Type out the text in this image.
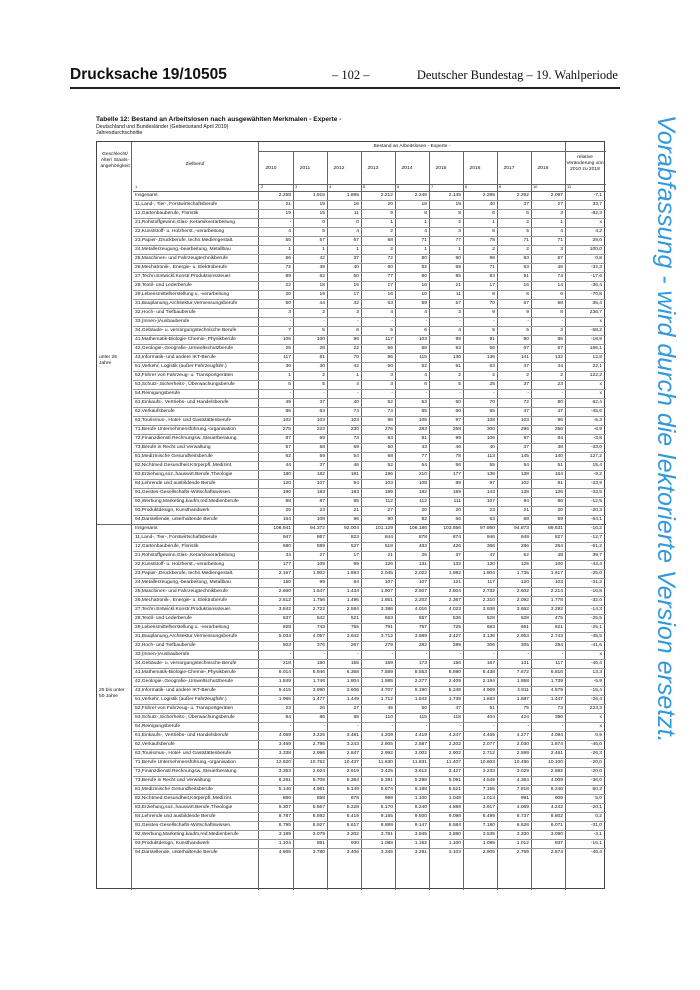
Drucksache 19/10505	– 102 –	Deutscher Bundestag – 19. Wahlperiode
Tabelle 12: Bestand an Arbeitslosen nach ausgewählten Merkmalen - Experte -
Deutschland und Bundesländer (Gebietsstand April 2019)
Jahresdurchschnitte	Vorabfassung - wird durch die lektorierte Version ersetzt.
Geschlecht/ Alter/ Staats- angehörigkeit	Zielberuf
Bestand an Arbeitslosen - Experte -
relative Veränderung von 2010 zu 2018
2010	2011	2012	2013	2014	2015	2016	2017	2018
1	2	3	4	5	6	7	8	9	10	11
unter 25 Jahre
Insgesamt	2.258	1.915	1.895	2.212	2.249	2.145	2.285	2.262	2.097	-7,1
11,Land-, Tier-, Forstwirtschaftsberufe	21	19	16	20	18	18	40	37	27	33,7
12,Gartenbauberufe, Floristik	19	15	11	9	8	8	6	6	3	-82,3
21,Rohstoffgewinn,Glas-,Keramikverarbeitung	-	0	0	1	1	2	1	2	1	x
22,Kunststoff- u. Holzherst.,-verarbeitung	4	5	4	2	4	3	6	5	4	4,2
23,Papier-,Druckberufe, techn.Mediengestalt.	55	57	67	68	71	77	78	71	71	29,0
24,Metallerzeugung,-bearbeitung, Metallbau	1	1	1	2	1	1	2	2	3	100,0
25,Maschinen- und Fahrzeugtechnikberufe	66	42	37	72	80	80	98	83	67	0,8
26,Mechatronik-, Energie- u. Elektroberufe	72	39	40	60	52	59	71	63	49	-32,3
27,Techn.Entwickl.Konstr.Produktionssteuer.	89	62	50	77	80	85	83	91	74	-17,6
28,Textil- und Lederberufe	22	18	16	17	16	21	17	16	14	-36,4
29,Lebensmittelherstellung u. -verarbeitung	20	19	17	16	10	11	8	6	6	-70,8
31,Bauplanung,Architektur,Vermessungsberufe	50	44	42	53	59	57	70	67	68	35,4
32,Hoch- und Tiefbauberufe	3	2	3	4	4	3	9	9	8	236,7
33,(Innen-)Ausbauberufe	-	-	-	-	-	-	-	-	-	x
34,Gebäude- u. versorgungstechnische Berufe	7	5	6	5	6	4	5	5	3	-58,2
41,Mathematik-Biologie-Chemie-,Physikberufe	106	100	96	117	103	98	91	90	86	-18,9
42,Geologie-,Geografie-,Umweltschutzberufe	25	28	22	56	68	53	56	67	67	166,1
43,Informatik- und andere IKT-Berufe	117	81	70	96	115	130	136	141	132	12,8
51,Verkehr, Logistik (außer Fahrzeugführ.)	36	30	42	50	52	51	63	47	44	22,1
52,Führer von Fahrzeug- u. Transportgeräten	1	2	1	3	4	2	2	2	2	122,2
53,Schutz-,Sicherheits-, Überwachungsberufe	5	5	4	3	6	5	25	37	23	x
54,Reinigungsberufe	-	-	-	-	-	-	-	-	-	x
61,Einkaufs-, Vertriebs- und Handelsberufe	49	37	40	52	53	60	70	72	80	62,4
62,Verkaufsberufe	86	63	74	74	65	60	55	47	47	-45,6
63,Tourismus-, Hotel- und Gaststättenberufe	102	103	103	98	105	97	108	103	96	-5,3
71,Berufe Unternehmensführung,-organisation	275	223	230	276	283	258	300	296	256	-6,9
72,Finanzdienstl.Rechnungsw.,Steuerberatung	87	69	73	83	91	99	106	97	84	-3,8
73,Berufe in Recht und Verwaltung	57	58	59	50	43	46	40	37	38	-33,0
81,Medizinische Gesundheitsberufe	62	59	54	68	77	78	113	145	140	127,2
82,Nichtmed.Gesundheit,Körperpfl.,Medizint.	44	37	46	52	54	56	55	54	51	15,4
83,Erziehung,soz.,hauswirt.Berufe,Theologie	180	182	181	196	210	177	136	138	164	-9,2
84,Lehrende und ausbildende Berufe	120	107	94	103	108	89	97	102	91	-23,9
91,Geistes-Gesellschafts-Wirtschaftswissen.	190	183	183	199	182	159	143	138	126	-33,5
92,Werbung,Marketing,kaufm,red.Medienberufe	98	87	95	112	112	111	107	94	86	-12,5
93,Produktdesign, Kunsthandwerk	25	23	21	27	20	20	23	21	20	-20,3
94,Darstellende, unterhaltende Berufe	164	108	96	90	82	66	63	68	59	-64,1
25 bis unter 50 Jahre
Insgesamt	106.941	94.372	92.004	101.129	106.186	103.856	97.860	94.873	89.631	-16,2
11,Land-, Tier-, Forstwirtschaftsberufe	947	867	823	844	878	874	946	949	827	-12,7
12,Gartenbauberufe, Floristik	680	599	527	518	483	426	366	286	264	-61,2
21,Rohstoffgewinn,Glas-,Keramikverarbeitung	34	27	17	21	26	37	47	52	48	39,7
22,Kunststoff- u. Holzherst.,-verarbeitung	177	109	99	126	131	132	130	125	100	-43,4
23,Papier-,Druckberufe, techn.Mediengestalt.	2.157	1.902	1.893	2.045	2.022	1.982	1.804	1.735	1.617	-25,0
24,Metallerzeugung,-bearbeitung, Metallbau	150	99	84	107	107	121	117	120	103	-31,2
25,Maschinen- und Fahrzeugtechnikberufe	2.660	1.647	1.434	1.907	2.507	2.804	2.732	2.602	2.214	-16,8
26,Mechatronik-, Energie- u. Elektroberufe	2.612	1.756	1.496	1.851	2.202	2.367	2.310	2.092	1.778	-32,0
27,Techn.Entwickl.Konstr.Produktionssteuer.	3.842	2.722	2.584	3.386	4.016	4.023	3.938	3.662	3.292	-14,3
28,Textil- und Lederberufe	637	542	521	563	557	536	528	528	475	-25,5
29,Lebensmittelherstellung u. -verarbeitung	828	743	755	791	767	725	683	651	621	-25,1
31,Bauplanung,Architektur,Vermessungsberufe	5.034	4.057	3.642	3.712	3.689	3.427	3.136	2.953	2.743	-45,5
32,Hoch- und Tiefbauberufe	503	376	267	279	282	289	306	305	294	-41,6
33,(Innen-)Ausbauberufe	-	-	-	-	-	-	-	-	-	x
34,Gebäude- u. versorgungstechnische Berufe	218	180	155	159	173	156	157	131	117	-46,4
41,Mathematik-Biologie-Chemie-,Physikberufe	6.014	5.946	6.368	7.589	8.553	8.890	8.438	7.672	6.816	13,3
42,Geologie-,Geografie-,Umweltschutzberufe	1.849	1.746	1.804	1.985	2.277	2.409	2.194	1.958	1.739	-5,9
43,Informatik- und andere IKT-Berufe	5.415	3.990	3.606	4.707	5.190	5.248	4.969	4.811	4.579	-15,4
51,Verkehr, Logistik (außer Fahrzeugführ.)	1.966	1.477	1.449	1.712	1.842	1.738	1.663	1.587	1.447	-26,4
52,Führer von Fahrzeug- u. Transportgeräten	23	26	27	45	50	47	51	75	73	223,3
53,Schutz-,Sicherheits-, Überwachungsberufe	94	86	88	110	115	118	404	424	390	x
54,Reinigungsberufe	-	-	-	-	-	-	-	-	-	x
61,Einkaufs-, Vertriebs- und Handelsberufe	4.059	3.225	3.481	4.209	4.419	4.247	4.465	4.277	4.094	0,9
62,Verkaufsberufe	3.469	2.795	3.243	2.905	2.587	2.202	2.077	2.030	1.874	-46,0
63,Tourismus-, Hotel- und Gaststättenberufe	3.338	2.996	2.847	2.992	3.002	2.902	2.712	2.599	2.461	-26,3
71,Berufe Unternehmensführung,-organisation	12.620	10.752	10.437	11.630	11.831	11.407	10.603	10.496	10.100	-20,0
72,Finanzdienstl.Rechnungsw.,Steuerberatung	3.353	2.924	2.919	3.425	3.612	3.427	3.233	3.029	2.682	-20,0
73,Berufe in Recht und Verwaltung	6.261	5.708	5.384	5.391	5.298	5.091	4.549	4.364	4.009	-36,0
81,Medizinische Gesundheitsberufe	5.146	4.981	5.149	5.674	6.188	6.521	7.155	7.818	8.246	60,2
82,Nichtmed.Gesundheit,Körperpfl.,Medizint.	866	858	878	999	1.100	1.048	1.013	991	909	5,0
83,Erziehung,soz.,hauswirt.Berufe,Theologie	5.307	5.567	5.228	5.170	5.240	4.889	3.917	4.069	4.242	-20,1
84,Lehrende und ausbildende Berufe	8.787	8.892	8.419	9.165	9.500	9.098	8.499	8.737	8.802	0,2
91,Geistes-Gesellschafts-Wirtschaftswissen.	8.795	8.927	8.617	8.889	9.147	8.584	7.180	6.626	6.071	-31,0
92,Werbung,Marketing,kaufm,red.Medienberufe	3.189	3.079	3.202	3.781	3.945	3.880	3.535	3.330	3.090	-3,1
93,Produktdesign, Kunsthandwerk	1.104	991	930	1.088	1.152	1.100	1.085	1.012	937	-15,1
94,Darstellende, unterhaltende Berufe	4.805	3.780	3.406	3.345	3.291	3.103	2.905	2.769	2.574	-46,4
